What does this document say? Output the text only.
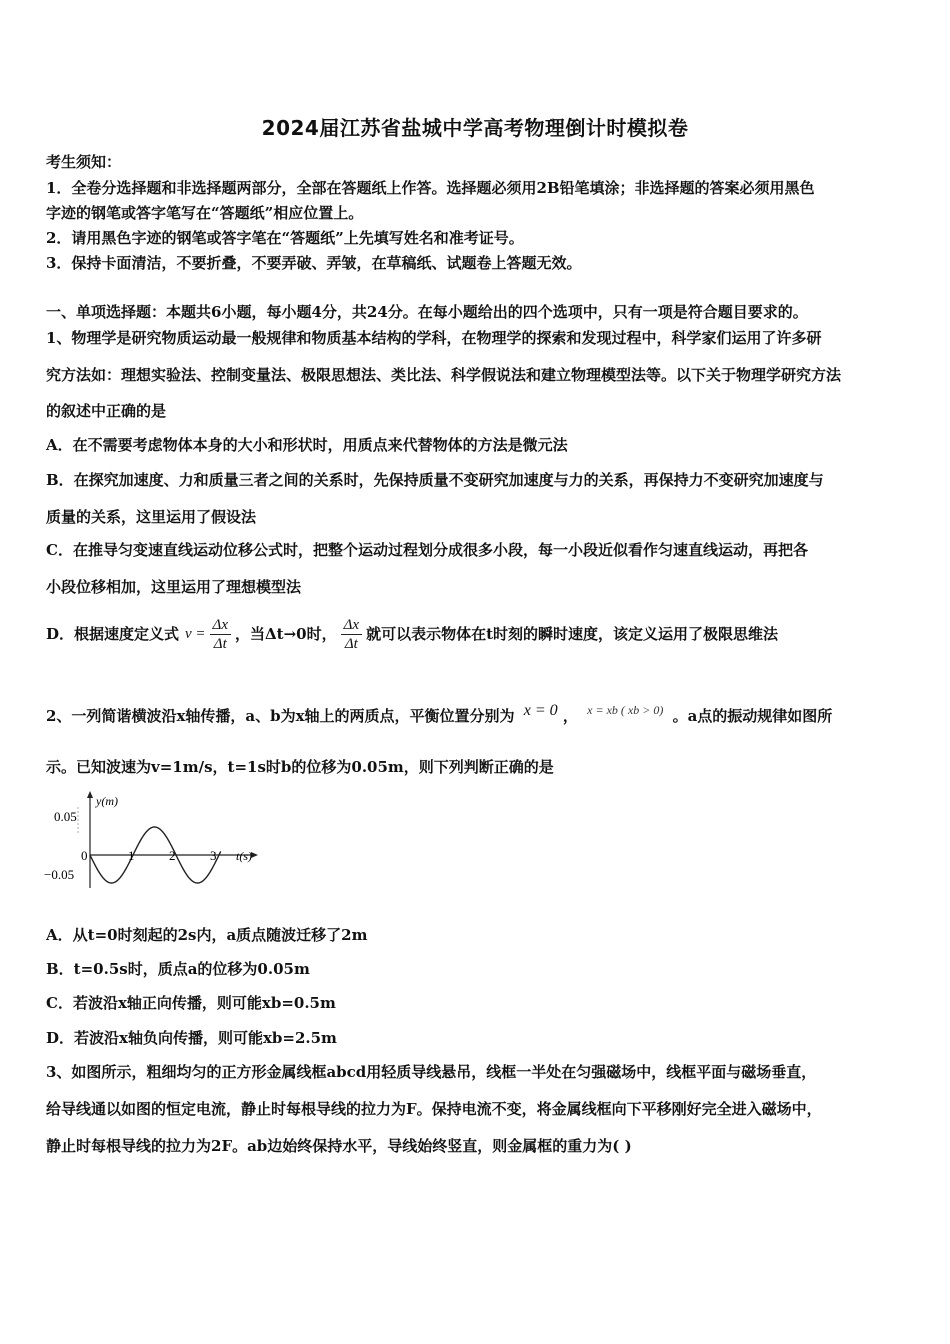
2024届江苏省盐城中学高考物理倒计时模拟卷
考生须知：
1．全卷分选择题和非选择题两部分，全部在答题纸上作答。选择题必须用2B铅笔填涂；非选择题的答案必须用黑色
字迹的钢笔或答字笔写在“答题纸”相应位置上。
2．请用黑色字迹的钢笔或答字笔在“答题纸”上先填写姓名和准考证号。
3．保持卡面清洁，不要折叠，不要弄破、弄皱，在草稿纸、试题卷上答题无效。
一、单项选择题：本题共6小题，每小题4分，共24分。在每小题给出的四个选项中，只有一项是符合题目要求的。
1、物理学是研究物质运动最一般规律和物质基本结构的学科，在物理学的探索和发现过程中，科学家们运用了许多研
究方法如：理想实验法、控制变量法、极限思想法、类比法、科学假说法和建立物理模型法等。以下关于物理学研究方法
的叙述中正确的是
A．在不需要考虑物体本身的大小和形状时，用质点来代替物体的方法是微元法
B．在探究加速度、力和质量三者之间的关系时，先保持质量不变研究加速度与力的关系，再保持力不变研究加速度与
质量的关系，这里运用了假设法
C．在推导匀变速直线运动位移公式时，把整个运动过程划分成很多小段，每一小段近似看作匀速直线运动，再把各
小段位移相加，这里运用了理想模型法
D．根据速度定义式 $v = \frac{\Delta x}{\Delta t}$ ，当Δt→0时， $\frac{\Delta x}{\Delta t}$ 就可以表示物体在t时刻的瞬时速度，该定义运用了极限思维法
2、一列简谐横波沿x轴传播，a、b为x轴上的两质点，平衡位置分别为 x = 0 ， $^{x = xb ( xb > 0)}$ 。a点的振动规律如图所
示。已知波速为v=1m/s，t=1s时b的位移为0.05m，则下列判断正确的是
y(m)
t(s)
0.05
−0.05
0	1	2	3
A．从t=0时刻起的2s内，a质点随波迁移了2m
B．t=0.5s时，质点a的位移为0.05m
C．若波沿x轴正向传播，则可能xb=0.5m
D．若波沿x轴负向传播，则可能xb=2.5m
3、如图所示，粗细均匀的正方形金属线框abcd用轻质导线悬吊，线框一半处在匀强磁场中，线框平面与磁场垂直，
给导线通以如图的恒定电流，静止时每根导线的拉力为F。保持电流不变，将金属线框向下平移刚好完全进入磁场中，
静止时每根导线的拉力为2F。ab边始终保持水平，导线始终竖直，则金属框的重力为( )
